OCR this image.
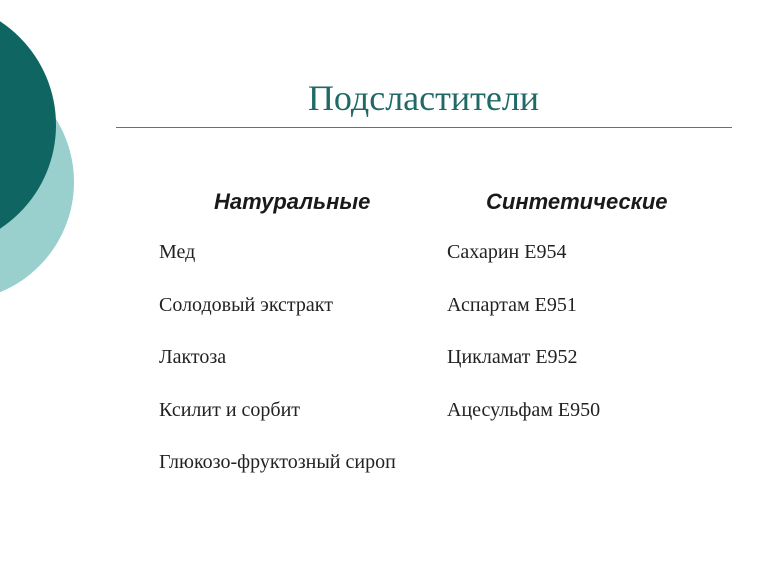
Подсластители
Натуральные	Синтетические
Мед
Солодовый экстракт
Лактоза
Ксилит и сорбит
Глюкозо-фруктозный сироп
Сахарин Е954
Аспартам Е951
Цикламат Е952
Ацесульфам Е950
